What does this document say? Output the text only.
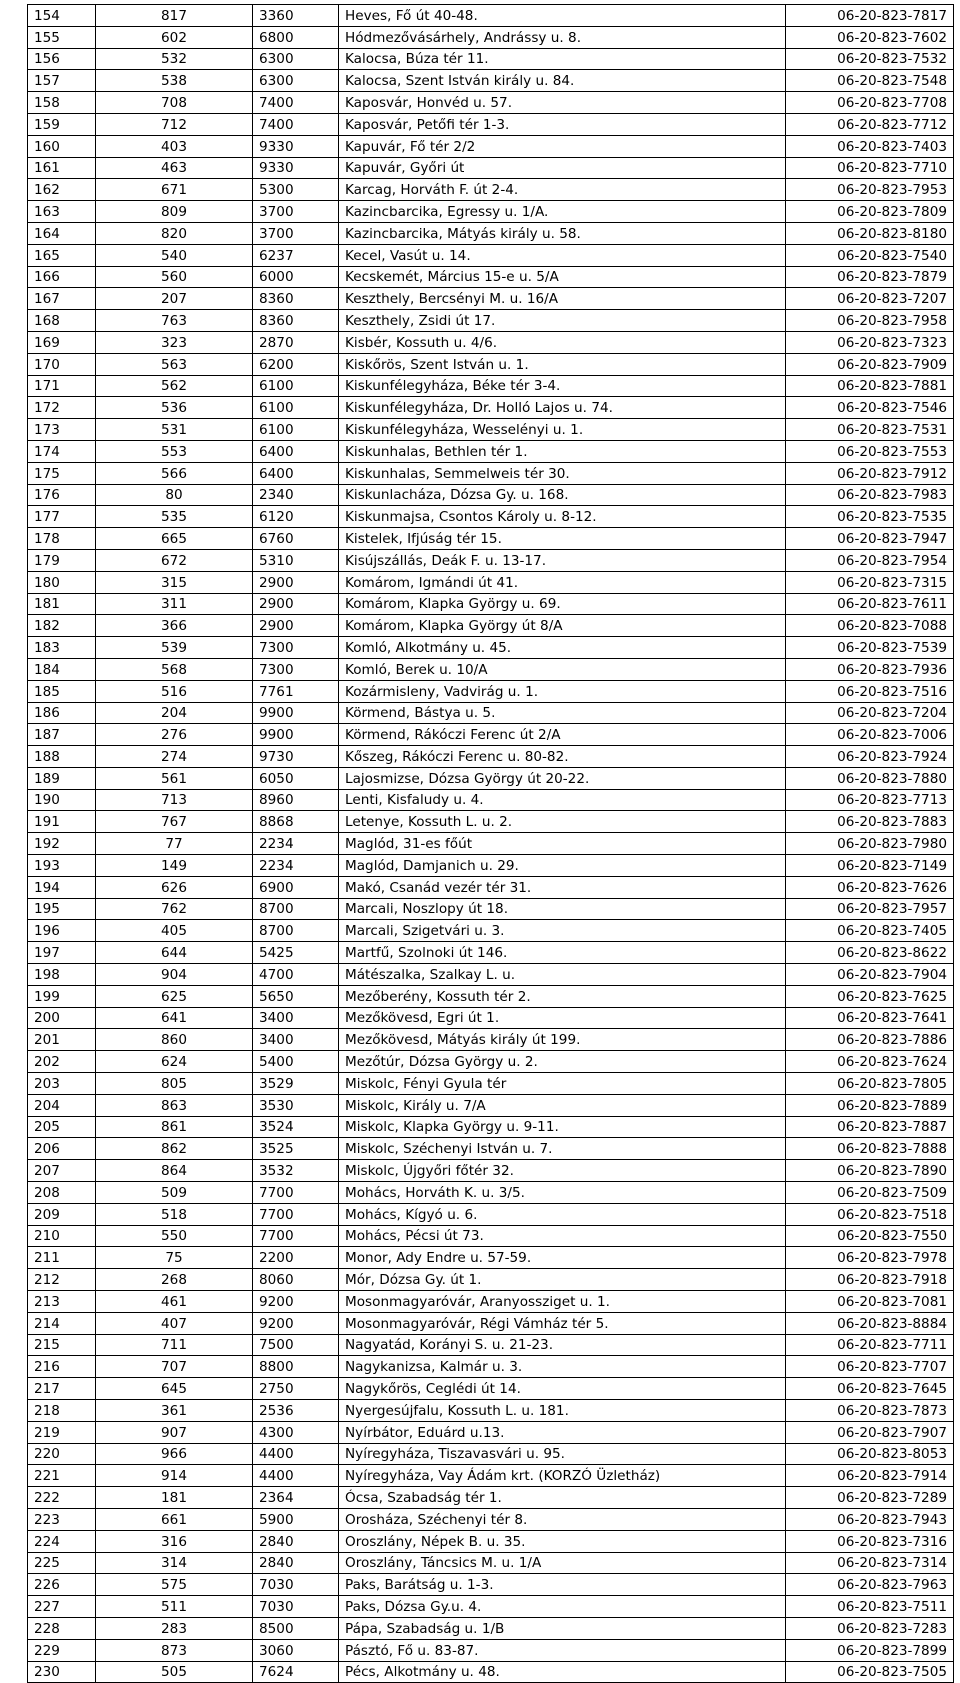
154	817	3360	Heves, Fő út 40-48.	06-20-823-7817
155	602	6800	Hódmezővásárhely, Andrássy u. 8.	06-20-823-7602
156	532	6300	Kalocsa, Búza tér 11.	06-20-823-7532
157	538	6300	Kalocsa, Szent István király u. 84.	06-20-823-7548
158	708	7400	Kaposvár, Honvéd u. 57.	06-20-823-7708
159	712	7400	Kaposvár, Petőfi tér 1-3.	06-20-823-7712
160	403	9330	Kapuvár, Fő tér 2/2	06-20-823-7403
161	463	9330	Kapuvár, Győri út	06-20-823-7710
162	671	5300	Karcag, Horváth F. út 2-4.	06-20-823-7953
163	809	3700	Kazincbarcika, Egressy u. 1/A.	06-20-823-7809
164	820	3700	Kazincbarcika, Mátyás király u. 58.	06-20-823-8180
165	540	6237	Kecel, Vasút u. 14.	06-20-823-7540
166	560	6000	Kecskemét, Március 15-e u. 5/A	06-20-823-7879
167	207	8360	Keszthely, Bercsényi M. u. 16/A	06-20-823-7207
168	763	8360	Keszthely, Zsidi út 17.	06-20-823-7958
169	323	2870	Kisbér, Kossuth u. 4/6.	06-20-823-7323
170	563	6200	Kiskőrös, Szent István u. 1.	06-20-823-7909
171	562	6100	Kiskunfélegyháza, Béke tér 3-4.	06-20-823-7881
172	536	6100	Kiskunfélegyháza, Dr. Holló Lajos u. 74.	06-20-823-7546
173	531	6100	Kiskunfélegyháza, Wesselényi u. 1.	06-20-823-7531
174	553	6400	Kiskunhalas, Bethlen tér 1.	06-20-823-7553
175	566	6400	Kiskunhalas, Semmelweis tér 30.	06-20-823-7912
176	80	2340	Kiskunlacháza, Dózsa Gy. u. 168.	06-20-823-7983
177	535	6120	Kiskunmajsa, Csontos Károly u. 8-12.	06-20-823-7535
178	665	6760	Kistelek, Ifjúság tér 15.	06-20-823-7947
179	672	5310	Kisújszállás, Deák F. u. 13-17.	06-20-823-7954
180	315	2900	Komárom, Igmándi út 41.	06-20-823-7315
181	311	2900	Komárom, Klapka György u. 69.	06-20-823-7611
182	366	2900	Komárom, Klapka György út 8/A	06-20-823-7088
183	539	7300	Komló, Alkotmány u. 45.	06-20-823-7539
184	568	7300	Komló, Berek u. 10/A	06-20-823-7936
185	516	7761	Kozármisleny, Vadvirág u. 1.	06-20-823-7516
186	204	9900	Körmend, Bástya u. 5.	06-20-823-7204
187	276	9900	Körmend, Rákóczi Ferenc út 2/A	06-20-823-7006
188	274	9730	Kőszeg, Rákóczi Ferenc u. 80-82.	06-20-823-7924
189	561	6050	Lajosmizse, Dózsa György út 20-22.	06-20-823-7880
190	713	8960	Lenti, Kisfaludy u. 4.	06-20-823-7713
191	767	8868	Letenye, Kossuth L. u. 2.	06-20-823-7883
192	77	2234	Maglód, 31-es főút	06-20-823-7980
193	149	2234	Maglód, Damjanich u. 29.	06-20-823-7149
194	626	6900	Makó, Csanád vezér tér 31.	06-20-823-7626
195	762	8700	Marcali, Noszlopy út 18.	06-20-823-7957
196	405	8700	Marcali, Szigetvári u. 3.	06-20-823-7405
197	644	5425	Martfű, Szolnoki út 146.	06-20-823-8622
198	904	4700	Mátészalka, Szalkay L. u.	06-20-823-7904
199	625	5650	Mezőberény, Kossuth tér 2.	06-20-823-7625
200	641	3400	Mezőkövesd, Egri út 1.	06-20-823-7641
201	860	3400	Mezőkövesd, Mátyás király út 199.	06-20-823-7886
202	624	5400	Mezőtúr, Dózsa György u. 2.	06-20-823-7624
203	805	3529	Miskolc, Fényi Gyula tér	06-20-823-7805
204	863	3530	Miskolc, Király u. 7/A	06-20-823-7889
205	861	3524	Miskolc, Klapka György u. 9-11.	06-20-823-7887
206	862	3525	Miskolc, Széchenyi István u. 7.	06-20-823-7888
207	864	3532	Miskolc, Újgyőri főtér 32.	06-20-823-7890
208	509	7700	Mohács, Horváth K. u. 3/5.	06-20-823-7509
209	518	7700	Mohács, Kígyó u. 6.	06-20-823-7518
210	550	7700	Mohács, Pécsi út 73.	06-20-823-7550
211	75	2200	Monor, Ady Endre u. 57-59.	06-20-823-7978
212	268	8060	Mór, Dózsa Gy. út 1.	06-20-823-7918
213	461	9200	Mosonmagyaróvár, Aranyossziget u. 1.	06-20-823-7081
214	407	9200	Mosonmagyaróvár, Régi Vámház tér 5.	06-20-823-8884
215	711	7500	Nagyatád, Korányi S. u. 21-23.	06-20-823-7711
216	707	8800	Nagykanizsa, Kalmár u. 3.	06-20-823-7707
217	645	2750	Nagykőrös, Ceglédi út 14.	06-20-823-7645
218	361	2536	Nyergesújfalu, Kossuth L. u. 181.	06-20-823-7873
219	907	4300	Nyírbátor, Eduárd u.13.	06-20-823-7907
220	966	4400	Nyíregyháza, Tiszavasvári u. 95.	06-20-823-8053
221	914	4400	Nyíregyháza, Vay Ádám krt. (KORZÓ Üzletház)	06-20-823-7914
222	181	2364	Ócsa, Szabadság tér 1.	06-20-823-7289
223	661	5900	Orosháza, Széchenyi tér 8.	06-20-823-7943
224	316	2840	Oroszlány, Népek B. u. 35.	06-20-823-7316
225	314	2840	Oroszlány, Táncsics M. u. 1/A	06-20-823-7314
226	575	7030	Paks, Barátság u. 1-3.	06-20-823-7963
227	511	7030	Paks, Dózsa Gy.u. 4.	06-20-823-7511
228	283	8500	Pápa, Szabadság u. 1/B	06-20-823-7283
229	873	3060	Pásztó, Fő u. 83-87.	06-20-823-7899
230	505	7624	Pécs, Alkotmány u. 48.	06-20-823-7505
